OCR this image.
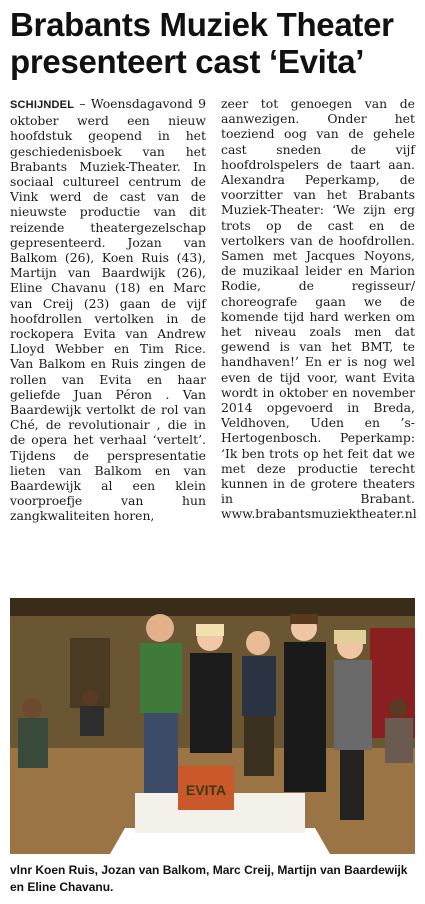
Brabants Muziek Theater
presenteert cast ‘Evita’

SCHIJNDEL – Woensdagavond 9 oktober werd een nieuw hoofdstuk geopend in het geschiedenisboek van het Brabants Muziek-Theater. In sociaal cultureel centrum de Vink werd de cast van de nieuwste productie van dit reizende theatergezelschap gepresenteerd. Jozan van Balkom (26), Koen Ruis (43), Martijn van Baardwijk (26), Eline Chavanu (18) en Marc van Creij (23) gaan de vijf hoofdrollen vertolken in de rockopera Evita van Andrew Lloyd Webber en Tim Rice. Van Balkom en Ruis zingen de rollen van Evita en haar geliefde Juan Péron . Van Baardewijk vertolkt de rol van Ché, de revolutionair , die in de opera het verhaal ‘vertelt’. Tijdens de perspresentatie lieten van Balkom en van Baardewijk al een klein voorproefje van hun zangkwaliteiten horen,

zeer tot genoegen van de aanwezigen. Onder het toeziend oog van de gehele cast sneden de vijf hoofdrolspelers de taart aan. Alexandra Peperkamp, de voorzitter van het Brabants Muziek-Theater: ‘We zijn erg trots op de cast en de vertolkers van de hoofdrollen. Samen met Jacques Noyons, de muzikaal leider en Marion Rodie, de regisseur/ choreografe gaan we de komende tijd hard werken om het niveau zoals men dat gewend is van het BMT, te handhaven!’ En er is nog wel even de tijd voor, want Evita wordt in oktober en november 2014 opgevoerd in Breda, Veldhoven, Uden en ’s-Hertogenbosch. Peperkamp: ‘Ik ben trots op het feit dat we met deze productie terecht kunnen in de grotere theaters in Brabant. www.brabantsmuziektheater.nl

EVITA
vlnr Koen Ruis, Jozan van Balkom, Marc Creij, Martijn van Baardewijk en Eline Chavanu.
